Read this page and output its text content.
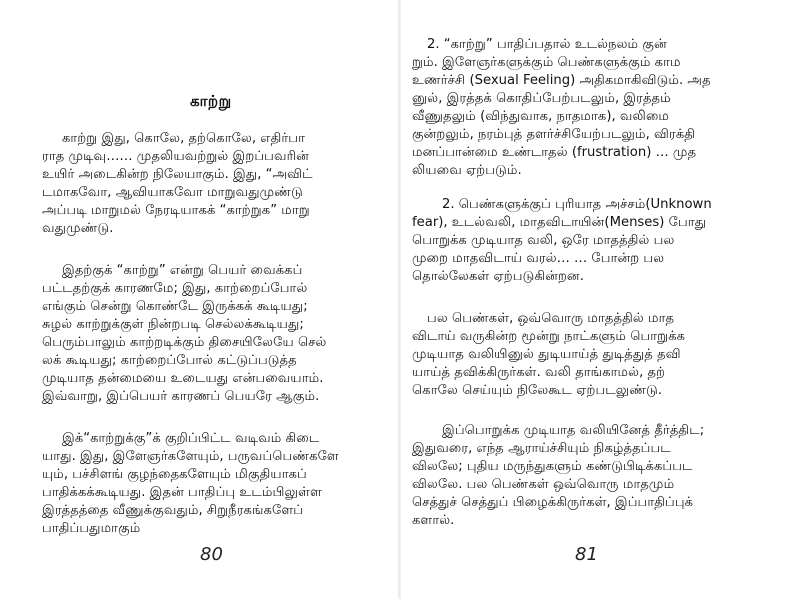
காற்று
காற்று இது, கொலே, தற்கொலே, எதிர்பா
ராத முடிவு…… முதலியவற்றுல் இறப்பவரின்
உயிர் அடைகின்ற நிலேயாகும். இது, “அவிட்
டமாகவோ, ஆவியாகவோ மாறுவதுமுண்டு
அப்படி மாறுமல் நேரடியாகக் “காற்றுக” மாறு
வதுமுண்டு.
இதற்குக் “காற்று” என்று பெயர் வைக்கப்
பட்டதற்குக் காரணமே; இது, காற்றைப்போல்
எங்கும் சென்று கொண்டே இருக்கக் கூடியது;
சுழல் காற்றுக்குள் நின்றபடி செல்லக்கூடியது;
பெரும்பாலும் காற்றடிக்கும் திசையிலேயே செல்
லக் கூடியது; காற்றைப்போல் கட்டுப்படுத்த
முடியாத தன்மையை உடையது என்பவையாம்.
இவ்வாறு, இப்பெயர் காரணப் பெயரே ஆகும்.
இக்“காற்றுக்கு”க் குறிப்பிட்ட வடிவம் கிடை
யாது. இது, இளேஞர்களேயும், பருவப்பெண்களே
யும், பச்சிளங் குழந்தைகளேயும் மிகுதியாகப்
பாதிக்கக்கூடியது. இதன் பாதிப்பு உடம்பிலுள்ள
இரத்தத்தை வீணுக்குவதும், சிறுநீரகங்களேப்
பாதிப்பதுமாகும்
80
2. “காற்று” பாதிப்பதால் உடல்நலம் குன்
றும். இளேஞர்களுக்கும் பெண்களுக்கும் காம
உணர்ச்சி (Sexual Feeling) அதிகமாகிவிடும். அத
னுல், இரத்தக் கொதிப்பேற்படலும், இரத்தம்
வீணுதலும் (விந்துவாக, நாதமாக), வலிமை
குன்றலும், நரம்புத் தளர்ச்சியேற்படலும், விரக்தி
மனப்பான்மை உண்டாதல் (frustration) … முத
லியவை ஏற்படும்.
2. பெண்களுக்குப் புரியாத அச்சம்(Unknown
fear), உடல்வலி, மாதவிடாயின்(Menses) போது
பொறுக்க முடியாத வலி, ஒரே மாதத்தில் பல
முறை மாதவிடாய் வரல்… … போன்ற பல
தொல்லேகள் ஏற்படுகின்றன.
பல பெண்கள், ஒவ்வொரு மாதத்தில் மாத
விடாய் வருகின்ற மூன்று நாட்களும் பொறுக்க
முடியாத வலியினுல் துடியாய்த் துடித்துத் தவி
யாய்த் தவிக்கிருர்கள். வலி தாங்காமல், தற்
கொலே செய்யும் நிலேகூட ஏற்படலுண்டு.
இப்பொறுக்க முடியாத வலியினேத் தீர்த்திட;
இதுவரை, எந்த ஆராய்ச்சியும் நிகழ்த்தப்பட
விலலே; புதிய மருந்துகளும் கண்டுபிடிக்கப்பட
விலலே. பல பெண்கள் ஒவ்வொரு மாதமும்
செத்துச் செத்துப் பிழைக்கிருர்கள், இப்பாதிப்புக்
களால்.
81
